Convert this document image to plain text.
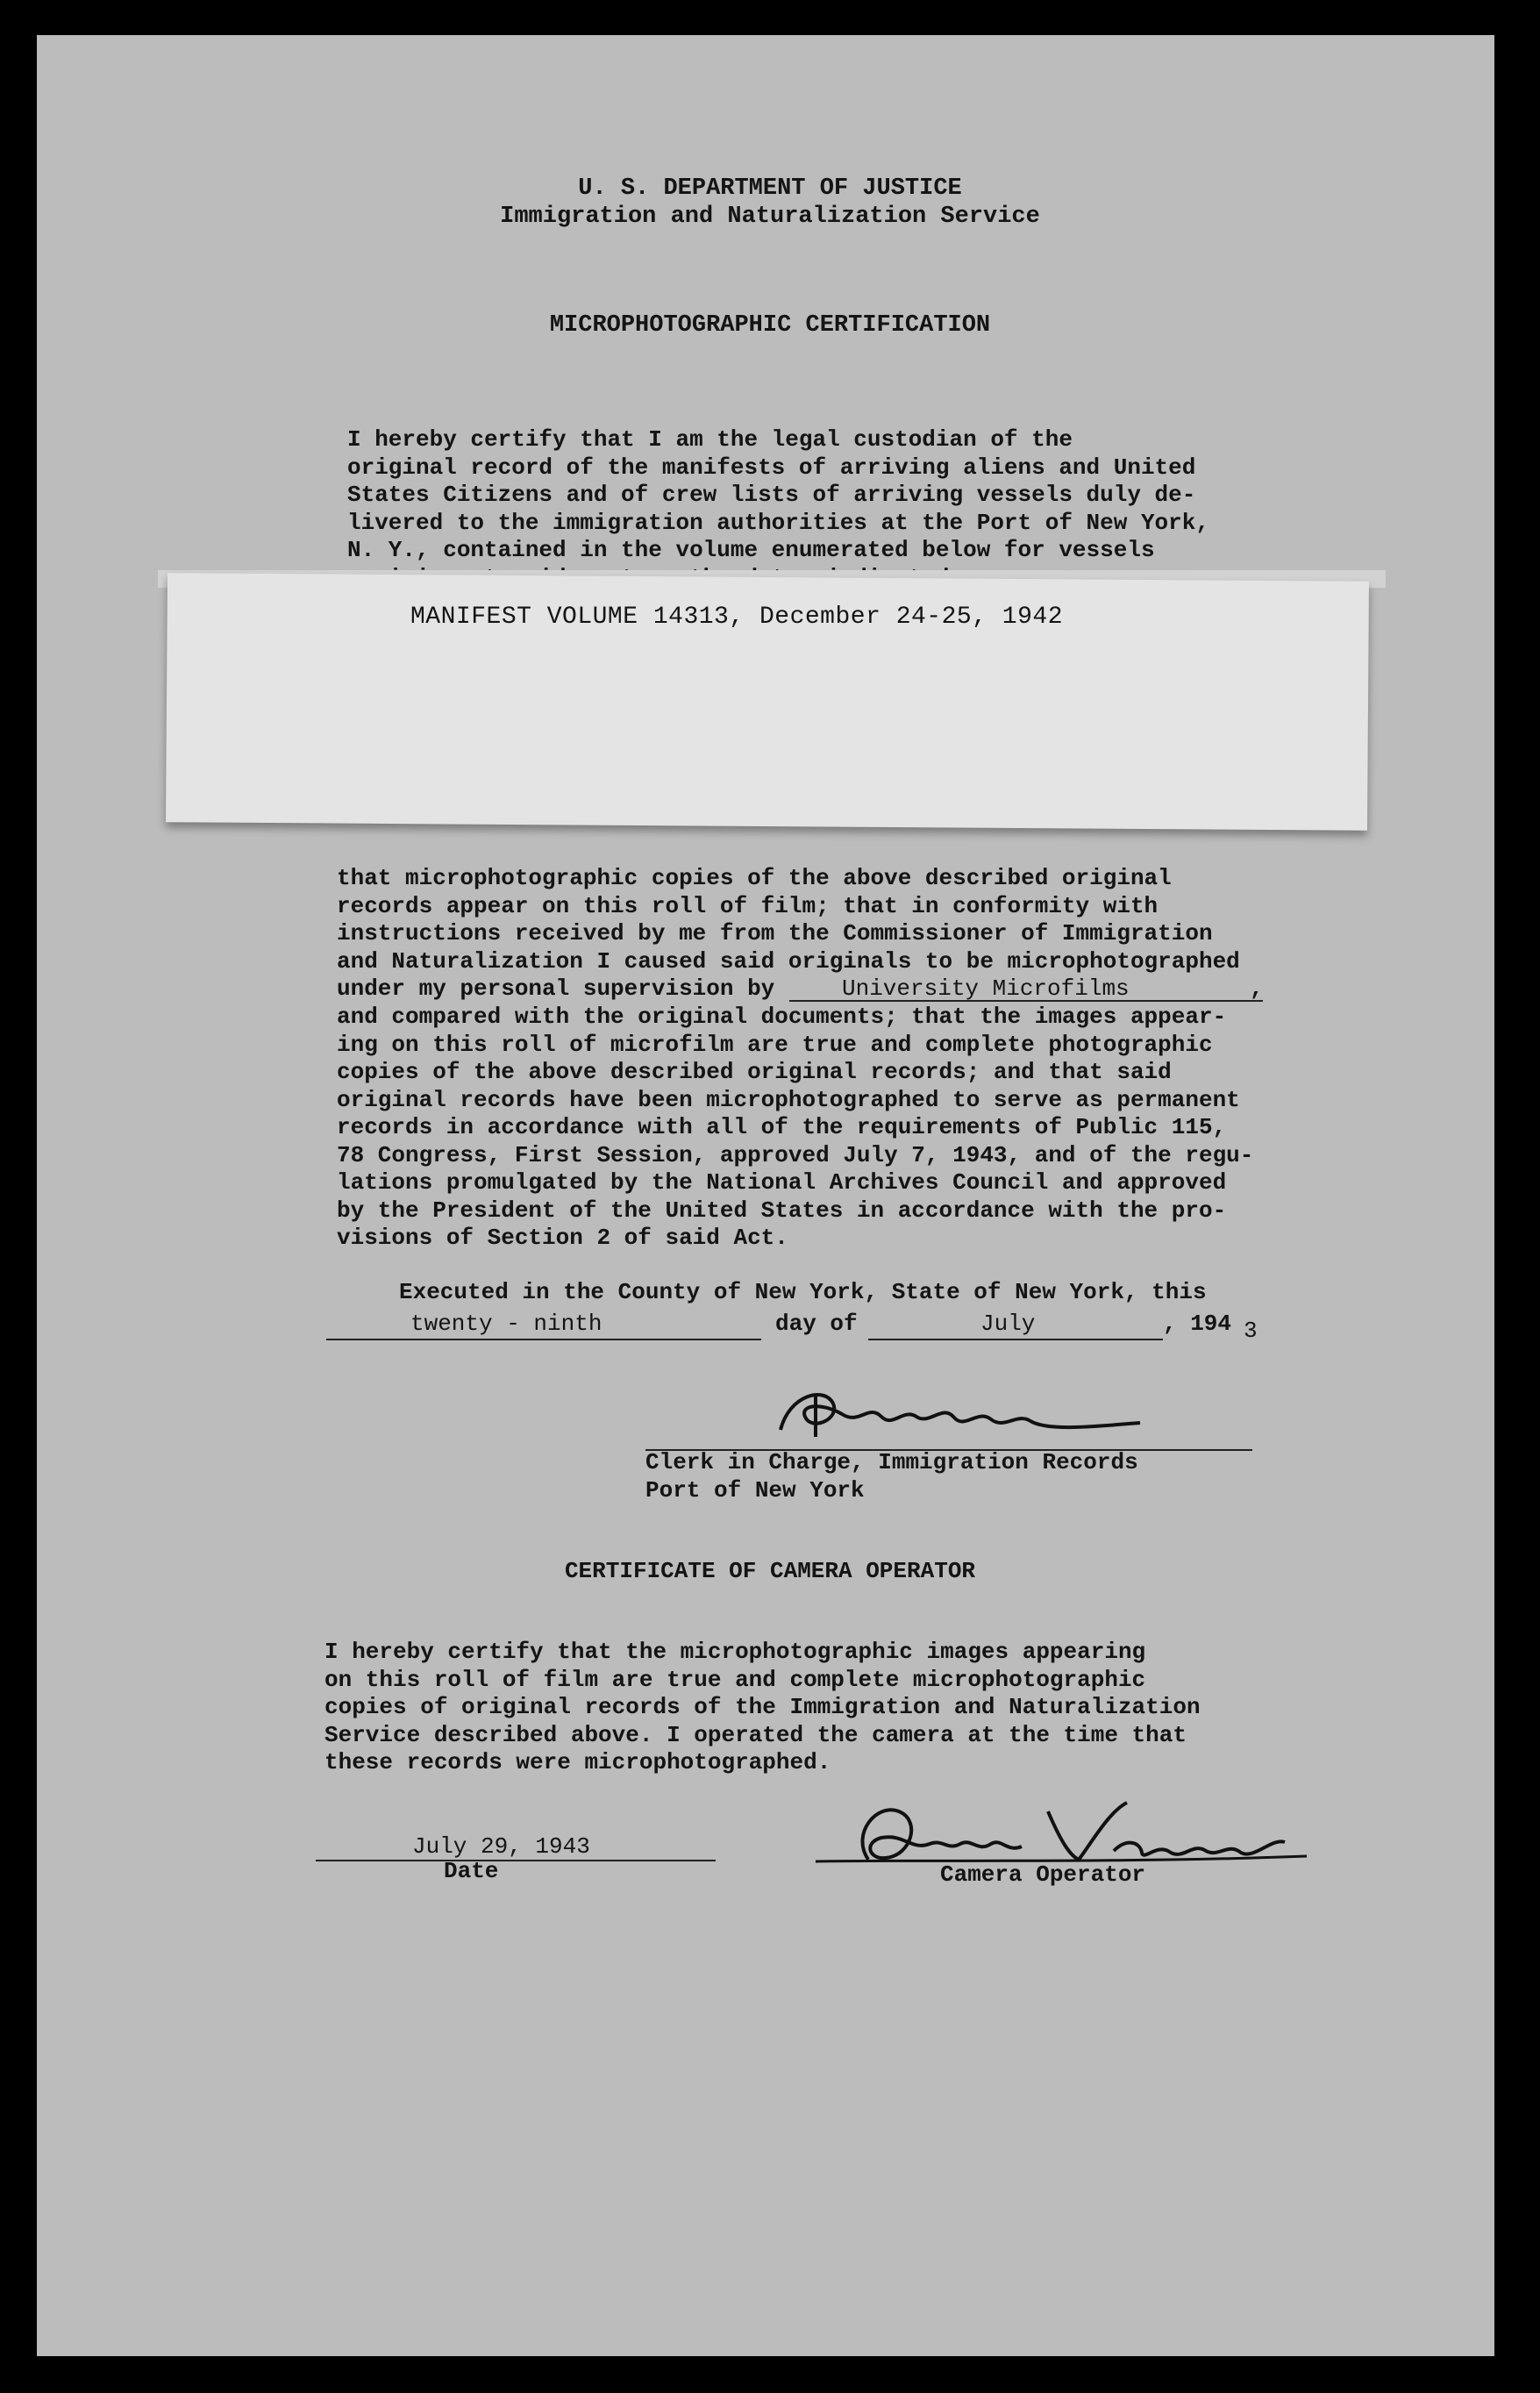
U. S. DEPARTMENT OF JUSTICE
Immigration and Naturalization Service
MICROPHOTOGRAPHIC CERTIFICATION
I hereby certify that I am the legal custodian of the
original record of the manifests of arriving aliens and United
States Citizens and of crew lists of arriving vessels duly de-
livered to the immigration authorities at the Port of New York,
N. Y., contained in the volume enumerated below for vessels

MANIFEST VOLUME 14313, December 24-25, 1942
that microphotographic copies of the above described original
records appear on this roll of film; that in conformity with
instructions received by me from the Commissioner of Immigration
and Naturalization I caused said originals to be microphotographed
under my personal supervision by	University Microfilms	,
and compared with the original documents; that the images appear-
ing on this roll of microfilm are true and complete photographic
copies of the above described original records; and that said
original records have been microphotographed to serve as permanent
records in accordance with all of the requirements of Public 115,
78 Congress, First Session, approved July 7, 1943, and of the regu-
lations promulgated by the National Archives Council and approved
by the President of the United States in accordance with the pro-
visions of Section 2 of said Act.
Executed in the County of New York, State of New York, this
twenty - ninth	day of	July	, 194 3
Clerk in Charge, Immigration Records
Port of New York
CERTIFICATE OF CAMERA OPERATOR
I hereby certify that the microphotographic images appearing
on this roll of film are true and complete microphotographic
copies of original records of the Immigration and Naturalization
Service described above. I operated the camera at the time that
these records were microphotographed.
July 29, 1943
Date	Camera Operator
